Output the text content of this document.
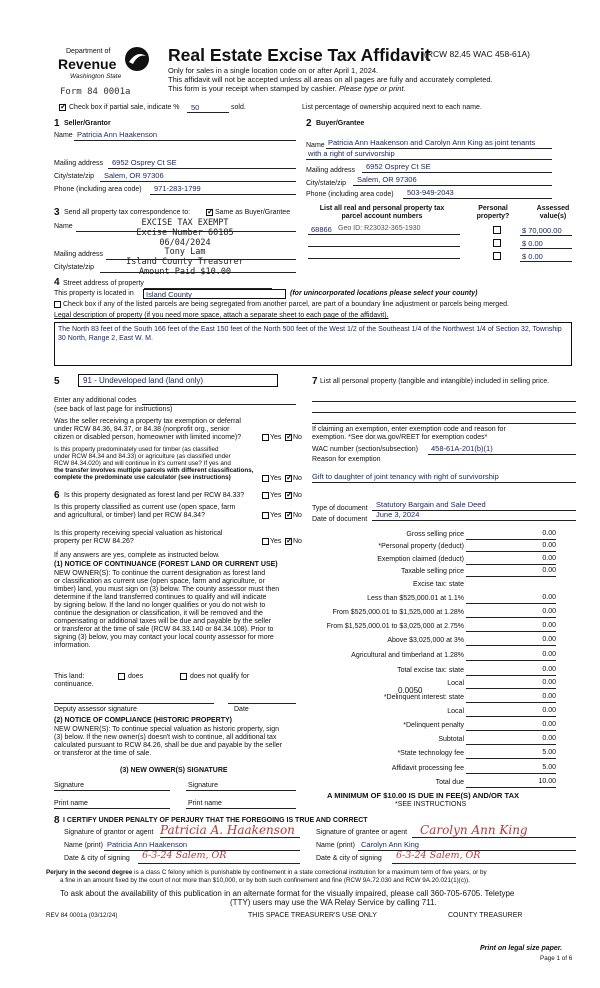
Department of
Revenue
Washington State
Form 84 0001a
Real Estate Excise Tax Affidavit
(RCW 82.45 WAC 458-61A)
Only for sales in a single location code on or after April 1, 2024.
This affidavit will not be accepted unless all areas on all pages are fully and accurately completed.
This form is your receipt when stamped by cashier. Please type or print.
✓
Check box if partial sale, indicate % 50	sold.	List percentage of ownership acquired next to each name.
1 Seller/Grantor
Name Patricia Ann Haakenson
Mailing address 6952 Osprey Ct SE
City/state/zip Salem, OR 97306
Phone (including area code) 971-283-1799
2 Buyer/Grantee
Name Patricia Ann Haakenson and Carolyn Ann King as joint tenants
with a right of survivorship
Mailing address 6952 Osprey Ct SE
City/state/zip Salem, OR 97306
Phone (including area code) 503-949-2043
3 Send all property tax correspondence to: ✓	Same as Buyer/Grantee
Name
Mailing address
City/state/zip
EXCISE TAX EXEMPT
Excise Number 60185
06/04/2024
Tony Lam
Island County Treasurer
Amount Paid $10.00
List all real and personal property tax
parcel account numbers
Personal
property?
Assessed
value(s)
68866 Geo ID: R23032-365-1930	$ 70,000.00
$ 0.00
$ 0.00
4 Street address of property
This property is located in Island County	(for unincorporated locations please select your county)
Check box if any of the listed parcels are being segregated from another parcel, are part of a boundary line adjustment or parcels being merged.
Legal description of property (if you need more space, attach a separate sheet to each page of the affidavit).
The North 83 feet of the South 166 feet of the East 150 feet of the North 500 feet of the West 1/2 of the Southeast 1/4 of the Northwest 1/4 of Section 32, Township 30 North, Range 2, East W. M.
5	91 - Undeveloped land (land only)
Enter any additional codes
(see back of last page for instructions)
Was the seller receiving a property tax exemption or deferral
under RCW 84.36, 84.37, or 84.38 (nonprofit org., senior
citizen or disabled person, homeowner with limited income)?	Yes ✓ No
Is this property predominately used for timber (as classified
under RCW 84.34 and 84.33) or agriculture (as classified under
RCW 84.34.020) and will continue in it's current use? If yes and
the transfer involves multiple parcels with different classifications,
complete the predominate use calculator (see instructions)	Yes ✓ No
6 Is this property designated as forest land per RCW 84.33?	Yes ✓ No
Is this property classified as current use (open space, farm
and agricultural, or timber) land per RCW 84.34?	Yes ✓ No
Is this property receiving special valuation as historical
property per RCW 84.26?	Yes ✓ No
If any answers are yes, complete as instructed below.
(1) NOTICE OF CONTINUANCE (FOREST LAND OR CURRENT USE)
NEW OWNER(S): To continue the current designation as forest land
or classification as current use (open space, farm and agriculture, or
timber) land, you must sign on (3) below. The county assessor must then
determine if the land transferred continues to qualify and will indicate
by signing below. If the land no longer qualifies or you do not wish to
continue the designation or classification, it will be removed and the
compensating or additional taxes will be due and payable by the seller
or transferor at the time of sale (RCW 84.33.140 or 84.34.108). Prior to
signing (3) below, you may contact your local county assessor for more
information.
This land:	does	does not qualify for
continuance.
Deputy assessor signature	Date
(2) NOTICE OF COMPLIANCE (HISTORIC PROPERTY)
NEW OWNER(S): To continue special valuation as historic property, sign
(3) below. If the new owner(s) doesn't wish to continue, all additional tax
calculated pursuant to RCW 84.26, shall be due and payable by the seller
or transferor at the time of sale.
(3) NEW OWNER(S) SIGNATURE
Signature	Signature
Print name	Print name
7 List all personal property (tangible and intangible) included in selling price.
If claiming an exemption, enter exemption code and reason for
exemption. *See dor.wa.gov/REET for exemption codes*
WAC number (section/subsection) 458-61A-201(b)(1)
Reason for exemption
Gift to daughter of joint tenancy with right of survivorship
Type of document Statutory Bargain and Sale Deed
Date of document
June 3, 2024
Gross selling price	0.00
*Personal property (deduct)	0.00
Exemption claimed (deduct)	0.00
Taxable selling price	0.00
Excise tax: state
Less than $525,000.01 at 1.1%	0.00
From $525,000.01 to $1,525,000 at 1.28%	0.00
From $1,525,000.01 to $3,025,000 at 2.75%	0.00
Above $3,025,000 at 3%	0.00
Agricultural and timberland at 1.28%	0.00
Total excise tax: state	0.00
Local	0.00
*Delinquent interest: state	0.00
Local	0.00
*Delinquent penalty	0.00
Subtotal	0.00
*State technology fee	5.00
Affidavit processing fee	5.00
Total due	10.00
0.0050
A MINIMUM OF $10.00 IS DUE IN FEE(S) AND/OR TAX
*SEE INSTRUCTIONS
8 I CERTIFY UNDER PENALTY OF PERJURY THAT THE FOREGOING IS TRUE AND CORRECT
Signature of grantor or agent Patricia A. Haakenson	Signature of grantee or agent Carolyn Ann King
Name (print) Patricia Ann Haakenson	Name (print) Carolyn Ann King
Date & city of signing 6-3-24 Salem, OR	Date & city of signing 6-3-24 Salem, OR
Perjury in the second degree is a class C felony which is punishable by confinement in a state correctional institution for a maximum term of five years, or by
a fine in an amount fixed by the court of not more than $10,000, or by both such confinement and fine (RCW 9A.72.030 and RCW 9A.20.021(1)(c)).
To ask about the availability of this publication in an alternate format for the visually impaired, please call 360-705-6705. Teletype
(TTY) users may use the WA Relay Service by calling 711.
REV 84 0001a (03/12/24)	THIS SPACE TREASURER'S USE ONLY	COUNTY TREASURER
Print on legal size paper.
Page 1 of 6
